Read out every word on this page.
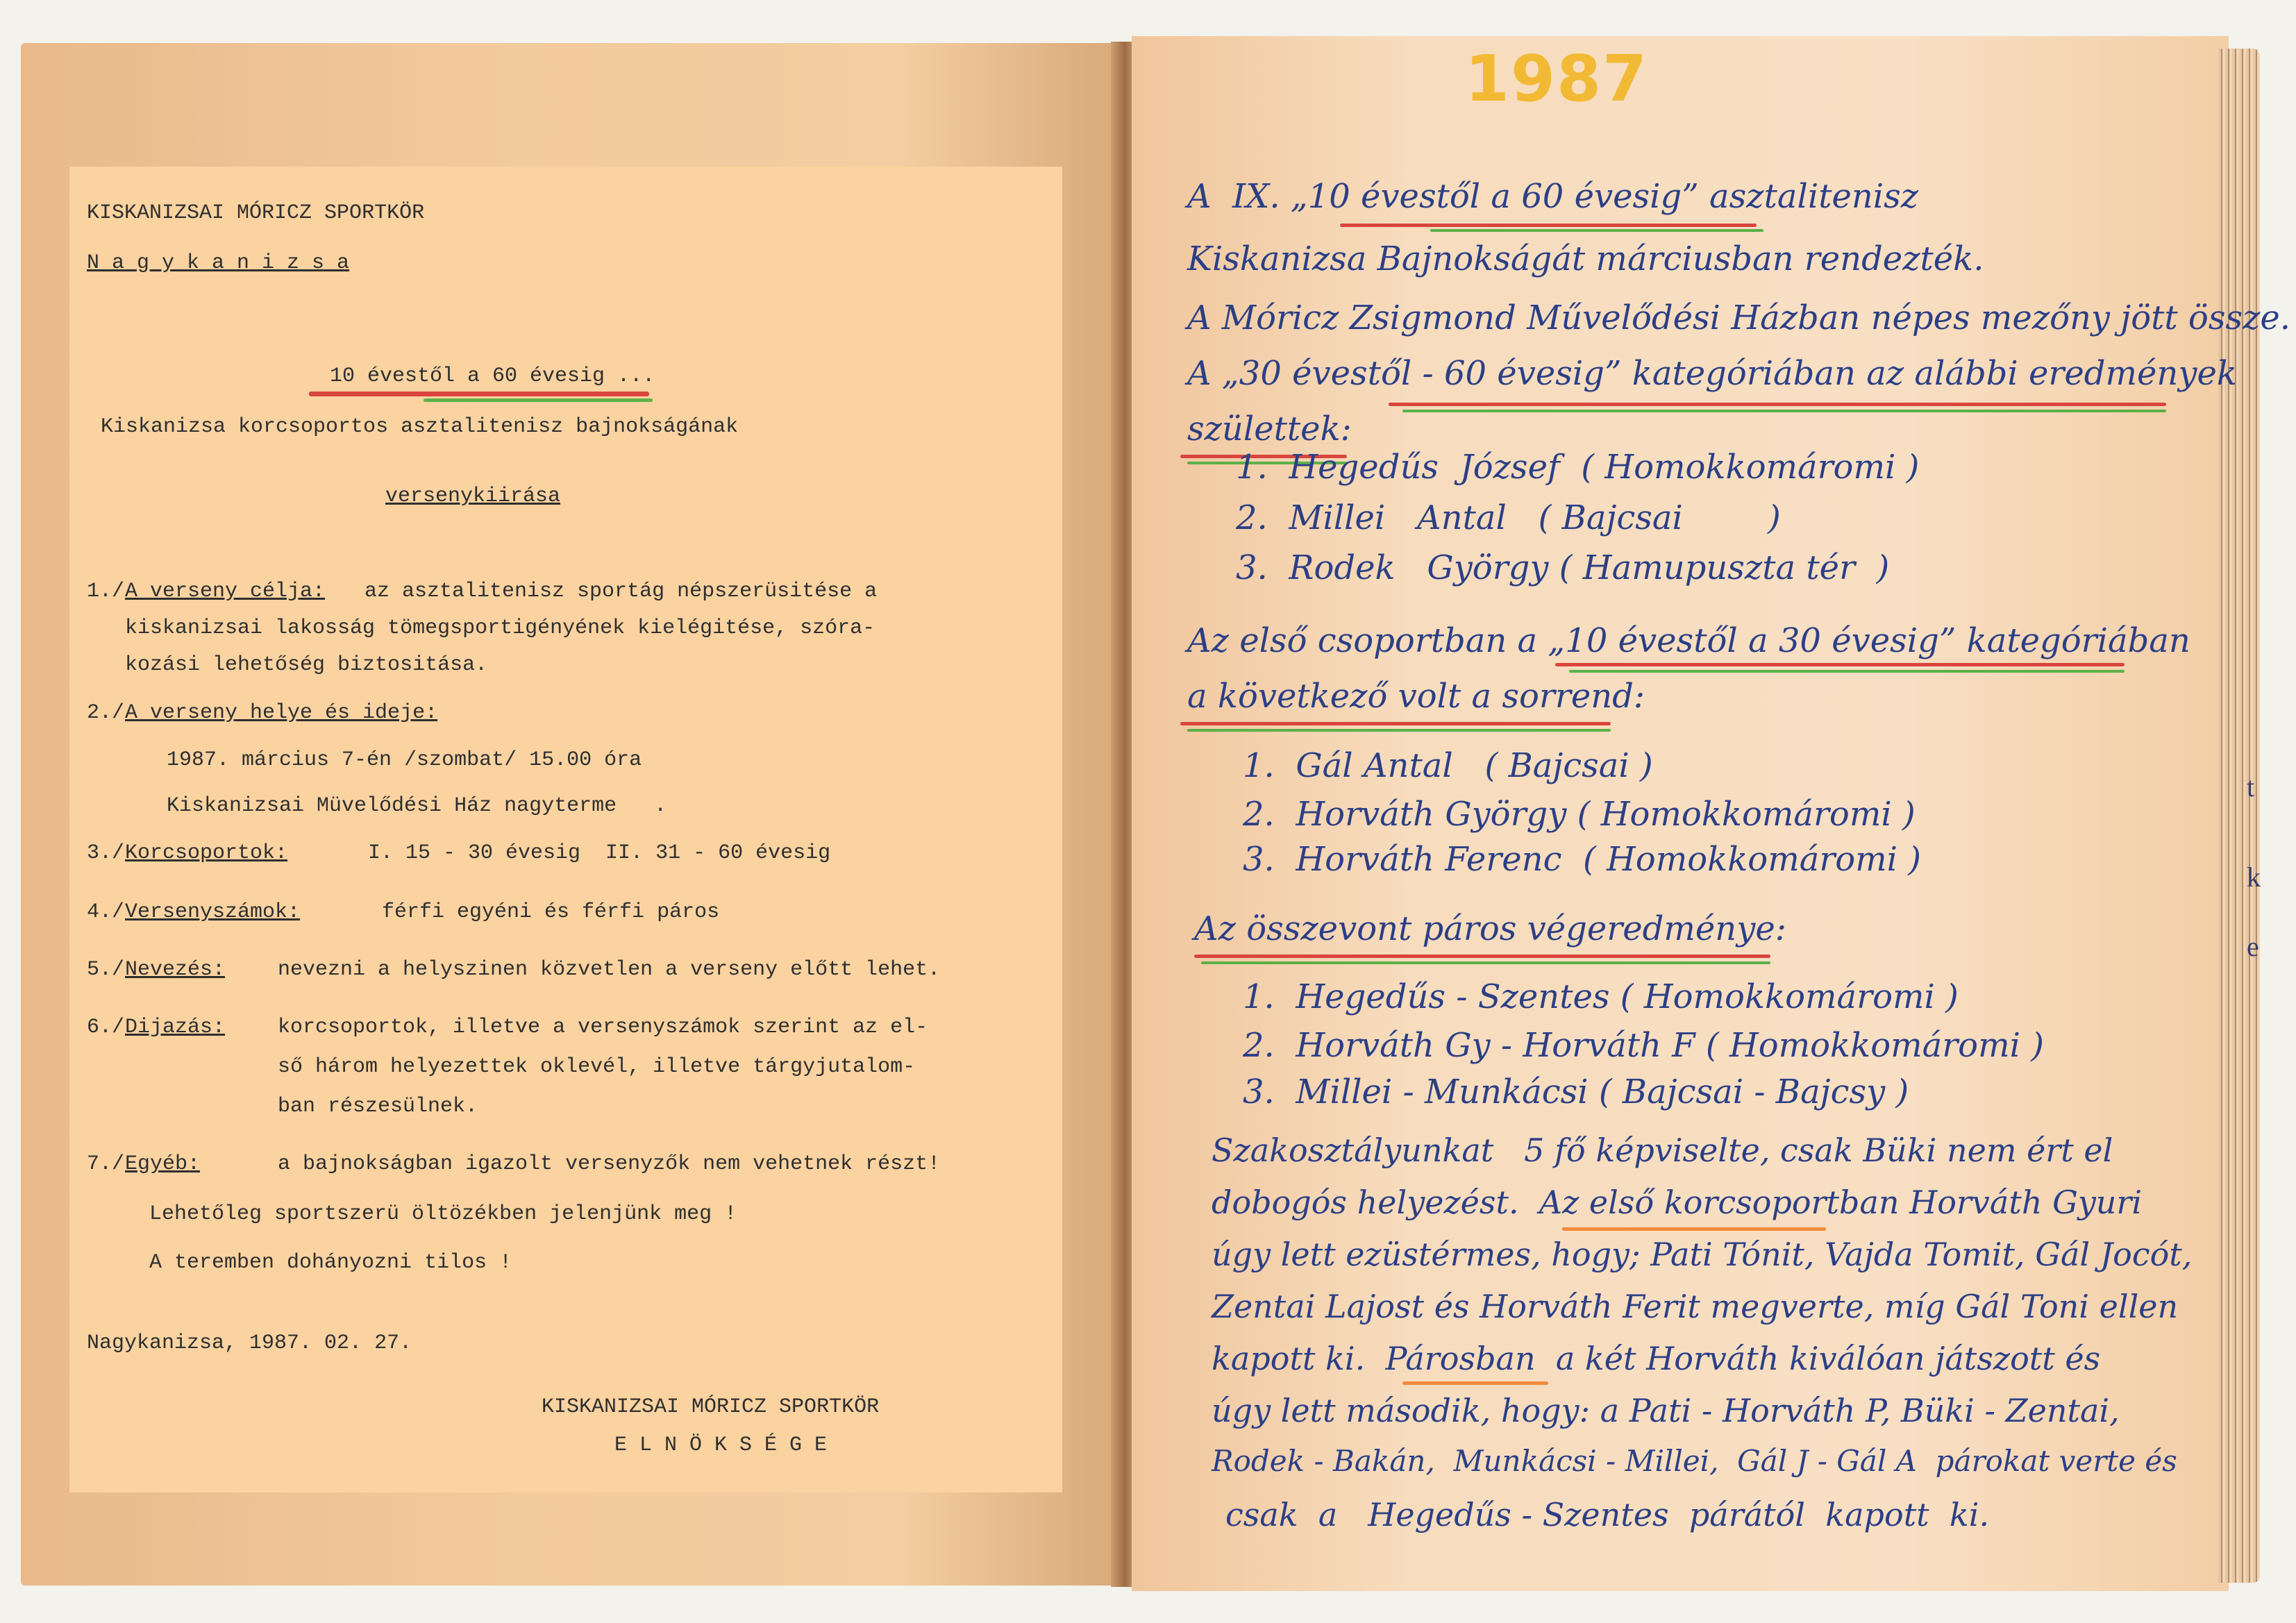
KISKANIZSAI MÓRICZ SPORTKÖR
N a g y k a n i z s a
10 évestől a 60 évesig ...
Kiskanizsa korcsoportos asztalitenisz bajnokságának
versenykiirása
1./ A verseny célja: az asztalitenisz sportág népszerüsitése a
kiskanizsai lakosság tömegsportigényének kielégitése, szóra-
kozási lehetőség biztositása.
2./ A verseny helye és ideje:
1987. március 7-én /szombat/ 15.00 óra
Kiskanizsai Müvelődési Ház nagyterme   .
3./ Korcsoportok:	I. 15 - 30 évesig  II. 31 - 60 évesig
4./ Versenyszámok:	férfi egyéni és férfi páros
5./ Nevezés:	nevezni a helyszinen közvetlen a verseny előtt lehet.
6./ Dijazás:	korcsoportok, illetve a versenyszámok szerint az el-
ső három helyezettek oklevél, illetve tárgyjutalom-
ban részesülnek.
7./ Egyéb:	a bajnokságban igazolt versenyzők nem vehetnek részt!
Lehetőleg sportszerü öltözékben jelenjünk meg !
A teremben dohányozni tilos !
Nagykanizsa, 1987. 02. 27.
KISKANIZSAI MÓRICZ SPORTKÖR
E L N Ö K S É G E
t
k
e
1987
A  IX. „10 évestől a 60 évesig” asztalitenisz
Kiskanizsa Bajnokságát márciusban rendezték.
A Móricz Zsigmond Művelődési Házban népes mezőny jött össze.
A „30 évestől - 60 évesig” kategóriában az alábbi eredmények
születtek:
1.  Hegedűs  József  ( Homokkomáromi )
2.  Millei   Antal   ( Bajcsai        )
3.  Rodek   György ( Hamupuszta tér  )
Az első csoportban a „10 évestől a 30 évesig” kategóriában
a következő volt a sorrend:
1.  Gál Antal   ( Bajcsai )
2.  Horváth György ( Homokkomáromi )
3.  Horváth Ferenc  ( Homokkomáromi )
Az összevont páros végeredménye:
1.  Hegedűs - Szentes ( Homokkomáromi )
2.  Horváth Gy - Horváth F ( Homokkomáromi )
3.  Millei - Munkácsi ( Bajcsai - Bajcsy )
Szakosztályunkat   5 fő képviselte, csak Büki nem ért el
dobogós helyezést.  Az első korcsoportban Horváth Gyuri
úgy lett ezüstérmes, hogy; Pati Tónit, Vajda Tomit, Gál Jocót,
Zentai Lajost és Horváth Ferit megverte, míg Gál Toni ellen
kapott ki.  Párosban  a két Horváth kiválóan játszott és
úgy lett második, hogy: a Pati - Horváth P, Büki - Zentai,
Rodek - Bakán,  Munkácsi - Millei,  Gál J - Gál A  párokat verte és
csak  a   Hegedűs - Szentes  párától  kapott  ki.
